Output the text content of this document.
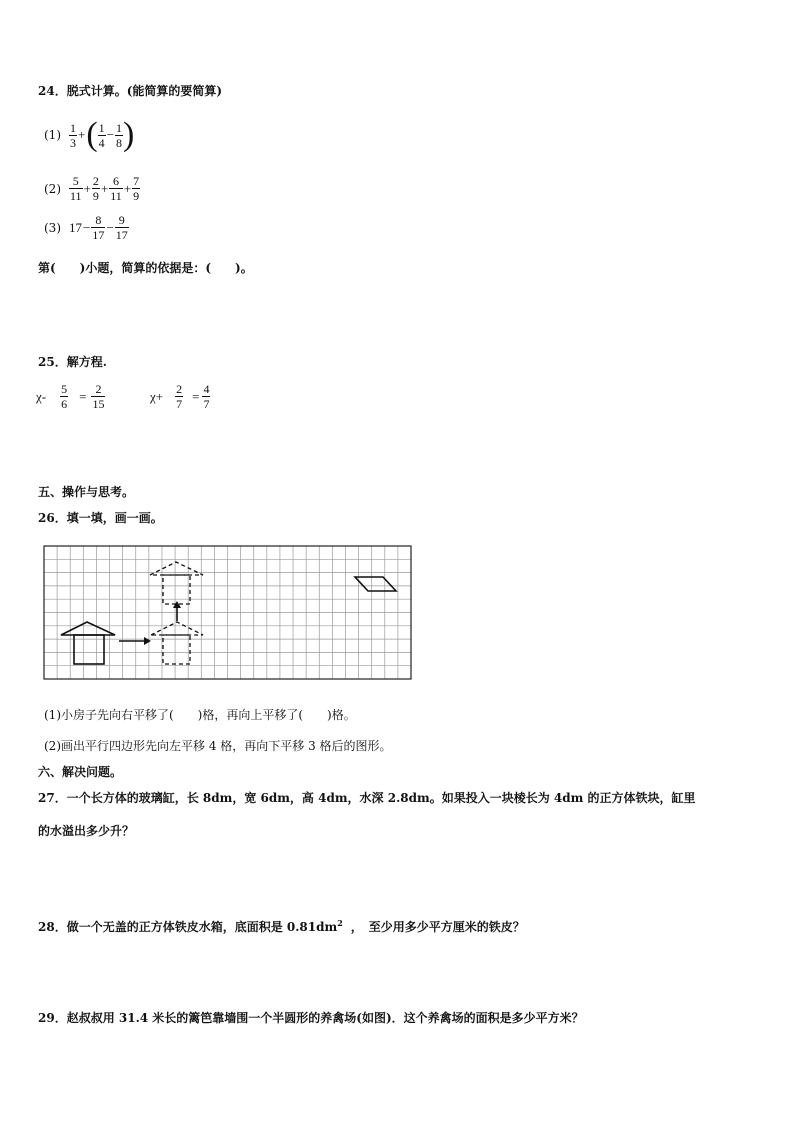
24．脱式计算。(能简算的要简算)
$(1) \frac{1}{3}$ + ( $\frac{1}{4} - \frac{1}{8}$ )
$(2) \frac{5}{11} + \frac{2}{9} + \frac{6}{11} + \frac{7}{9}$
(3) $17 - \frac{8}{17} - \frac{9}{17}$
第(　　)小题，简算的依据是：(　　)。
25．解方程.
$\chi- \frac{5}{6} = \frac{2}{15}$	$\chi+ \frac{2}{7} = \frac{4}{7}$
五、操作与思考。
26．填一填，画一画。
(1)小房子先向右平移了(　　)格，再向上平移了(　　)格。
(2)画出平行四边形先向左平移 4 格，再向下平移 3 格后的图形。
六、解决问题。
27．一个长方体的玻璃缸，长 8dm，宽 6dm，高 4dm，水深 2.8dm。如果投入一块棱长为 4dm 的正方体铁块，缸里
的水溢出多少升？
28．做一个无盖的正方体铁皮水箱，底面积是 $0.81dm^2$ ，　至少用多少平方厘米的铁皮？
29．赵叔叔用 31.4 米长的篱笆靠墙围一个半圆形的养禽场(如图)．这个养禽场的面积是多少平方米？
